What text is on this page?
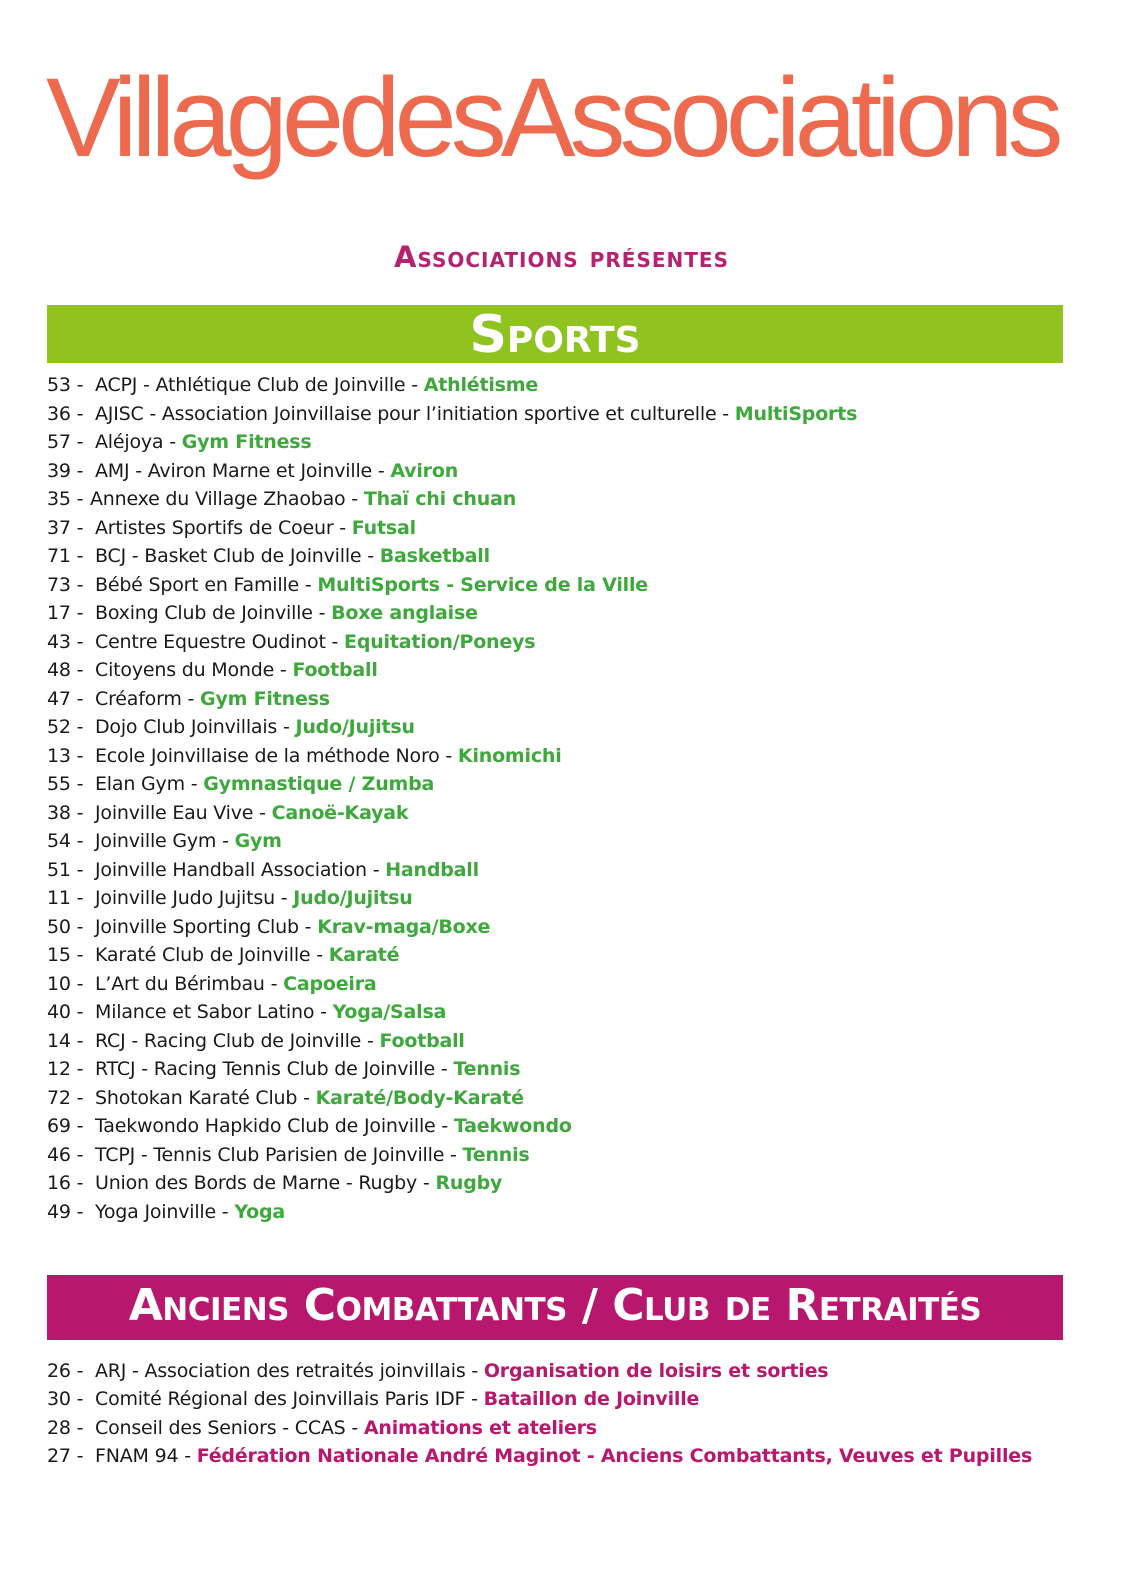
VillagedesAssociations
Associations présentes
Sports
53 - ACPJ - Athlétique Club de Joinville - Athlétisme
36 - AJISC - Association Joinvillaise pour l’initiation sportive et culturelle - MultiSports
57 - Aléjoya - Gym Fitness
39 - AMJ - Aviron Marne et Joinville - Aviron
35 - Annexe du Village Zhaobao - Thaï chi chuan
37 - Artistes Sportifs de Coeur - Futsal
71 - BCJ - Basket Club de Joinville - Basketball
73 - Bébé Sport en Famille - MultiSports - Service de la Ville
17 - Boxing Club de Joinville - Boxe anglaise
43 - Centre Equestre Oudinot - Equitation/Poneys
48 - Citoyens du Monde - Football
47 - Créaform - Gym Fitness
52 - Dojo Club Joinvillais - Judo/Jujitsu
13 - Ecole Joinvillaise de la méthode Noro - Kinomichi
55 - Elan Gym - Gymnastique / Zumba
38 - Joinville Eau Vive - Canoë-Kayak
54 - Joinville Gym - Gym
51 - Joinville Handball Association - Handball
11 - Joinville Judo Jujitsu - Judo/Jujitsu
50 - Joinville Sporting Club - Krav-maga/Boxe
15 - Karaté Club de Joinville - Karaté
10 - L’Art du Bérimbau - Capoeira
40 - Milance et Sabor Latino - Yoga/Salsa
14 - RCJ - Racing Club de Joinville - Football
12 - RTCJ - Racing Tennis Club de Joinville - Tennis
72 - Shotokan Karaté Club - Karaté/Body-Karaté
69 - Taekwondo Hapkido Club de Joinville - Taekwondo
46 - TCPJ - Tennis Club Parisien de Joinville - Tennis
16 - Union des Bords de Marne - Rugby - Rugby
49 - Yoga Joinville - Yoga
Anciens Combattants / Club de Retraités
26 - ARJ - Association des retraités joinvillais - Organisation de loisirs et sorties
30 - Comité Régional des Joinvillais Paris IDF - Bataillon de Joinville
28 - Conseil des Seniors - CCAS - Animations et ateliers
27 - FNAM 94 - Fédération Nationale André Maginot - Anciens Combattants, Veuves et Pupilles
